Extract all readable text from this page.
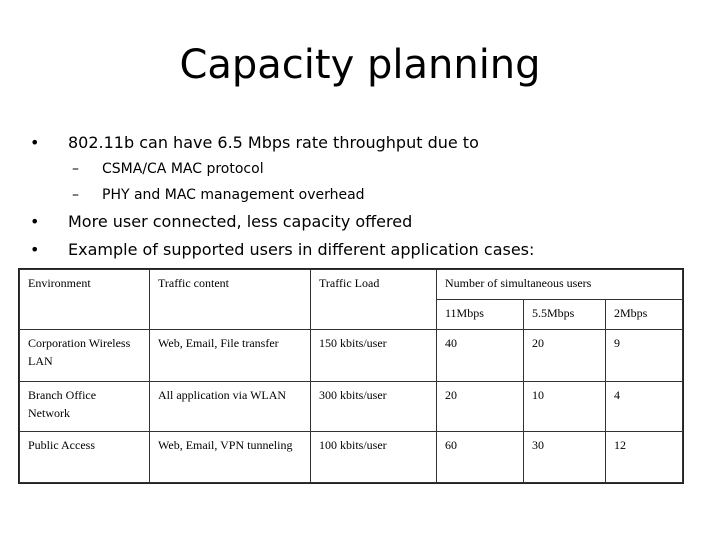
Capacity planning
• 802.11b can have 6.5 Mbps rate throughput due to
– CSMA/CA MAC protocol
– PHY and MAC management overhead
• More user connected, less capacity offered
• Example of supported users in different application cases:
Environment	Traffic content	Traffic Load	Number of simultaneous users		
			11Mbps	5.5Mbps	2Mbps
Corporation Wireless LAN	Web, Email, File transfer	150 kbits/user	40	20	9
Branch Office Network	All application via WLAN	300 kbits/user	20	10	4
Public Access	Web, Email, VPN tunneling	100 kbits/user	60	30	12
